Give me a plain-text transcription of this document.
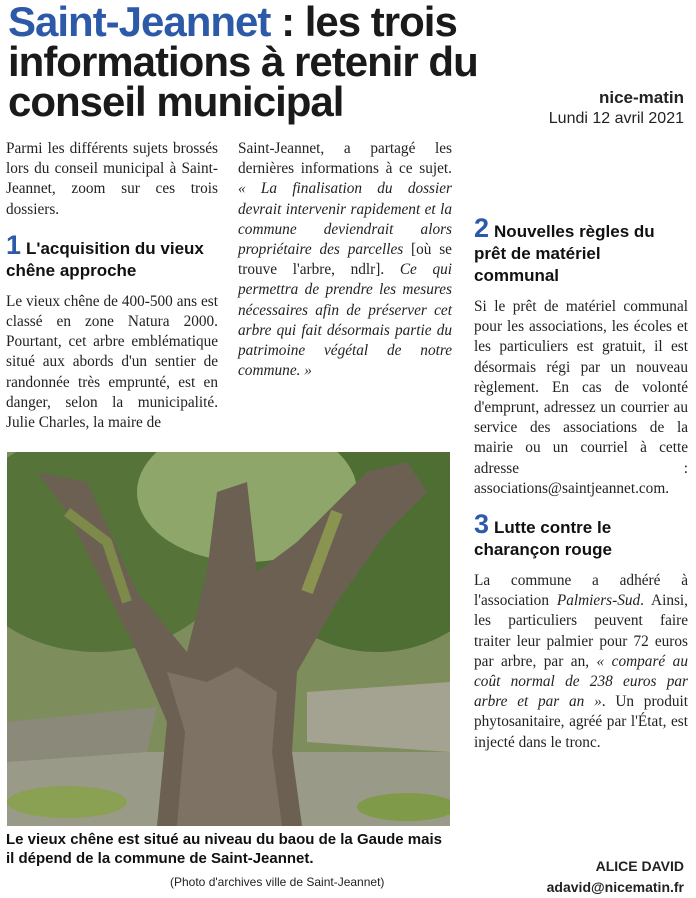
Saint-Jeannet : les trois informations à retenir du conseil municipal	nice-matin
Lundi 12 avril 2021

Parmi les différents sujets brossés lors du conseil municipal à Saint-Jeannet, zoom sur ces trois dossiers.

1 L'acquisition du vieux chêne approche

Le vieux chêne de 400-500 ans est classé en zone Natura 2000. Pourtant, cet arbre emblématique situé aux abords d'un sentier de randonnée très emprunté, est en danger, selon la municipalité. Julie Charles, la maire de

2 Nouvelles règles du prêt de matériel communal

Si le prêt de matériel communal pour les associations, les écoles et les particuliers est gratuit, il est désormais régi par un nouveau règlement. En cas de volonté d'emprunt, adressez un courrier au service des associations de la mairie ou un courriel à cette adresse : associations@saintjeannet.com.

3 Lutte contre le charançon rouge

La commune a adhéré à l'association Palmiers-Sud. Ainsi, les particuliers peuvent faire traiter leur palmier pour 72 euros par arbre, par an, « comparé au coût normal de 238 euros par arbre et par an ». Un produit phytosanitaire, agréé par l'État, est injecté dans le tronc.

Le vieux chêne est situé au niveau du baou de la Gaude mais il dépend de la commune de Saint-Jeannet.
(Photo d'archives ville de Saint-Jeannet)
ALICE DAVID
adavid@nicematin.fr

Saint-Jeannet, a partagé les dernières informations à ce sujet. « La finalisation du dossier devrait intervenir rapidement et la commune deviendrait alors propriétaire des parcelles [où se trouve l'arbre, ndlr]. Ce qui permettra de prendre les mesures nécessaires afin de préserver cet arbre qui fait désormais partie du patrimoine végétal de notre commune. »
